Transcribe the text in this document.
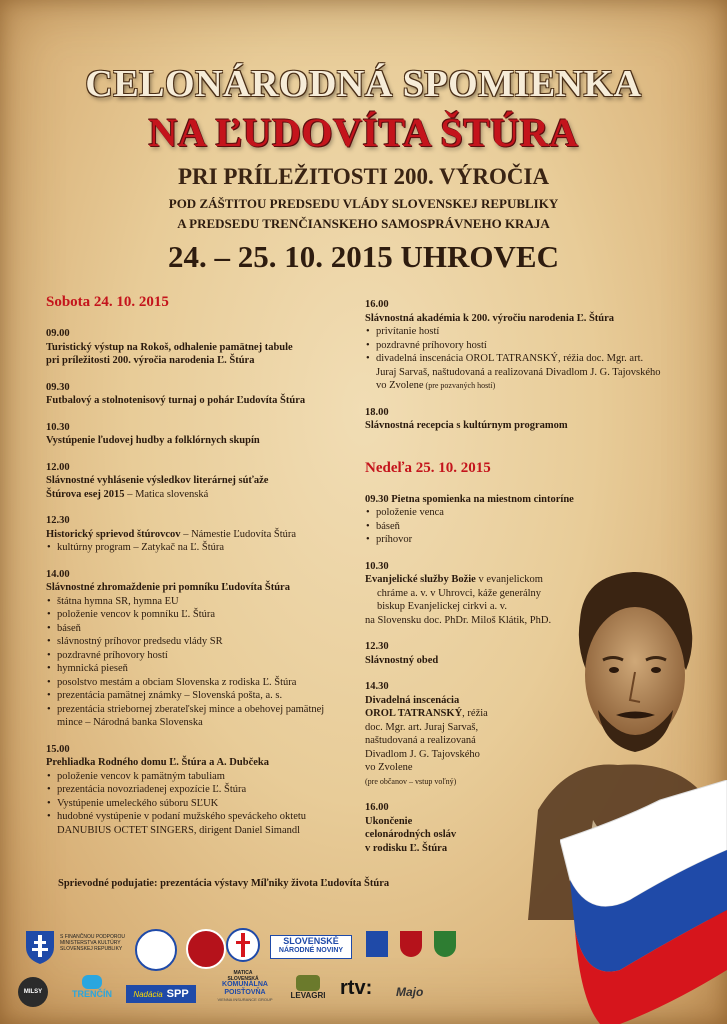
CELONÁRODNÁ SPOMIENKA
NA ĽUDOVÍTA ŠTÚRA
PRI PRÍLEŽITOSTI 200. VÝROČIA
POD ZÁŠTITOU PREDSEDU VLÁDY SLOVENSKEJ REPUBLIKY
A PREDSEDU TRENČIANSKEHO SAMOSPRÁVNEHO KRAJA
24. – 25. 10. 2015 UHROVEC
Sobota 24. 10. 2015
09.00
Turistický výstup na Rokoš, odhalenie pamätnej tabule
pri príležitosti 200. výročia narodenia Ľ. Štúra
09.30
Futbalový a stolnotenisový turnaj o pohár Ľudovíta Štúra
10.30
Vystúpenie ľudovej hudby a folklórnych skupín
12.00
Slávnostné vyhlásenie výsledkov literárnej súťaže
Štúrova esej 2015 – Matica slovenská
12.30
Historický sprievod štúrovcov – Námestie Ľudovíta Štúra
• kultúrny program – Zatykač na Ľ. Štúra
14.00
Slávnostné zhromaždenie pri pomníku Ľudovíta Štúra
• štátna hymna SR, hymna EU
• položenie vencov k pomníku Ľ. Štúra
• báseň
• slávnostný príhovor predsedu vlády SR
• pozdravné príhovory hostí
• hymnická pieseň
• posolstvo mestám a obciam Slovenska z rodiska Ľ. Štúra
• prezentácia pamätnej známky – Slovenská pošta, a. s.
• prezentácia striebornej zberateľskej mince a obehovej pamätnej mince – Národná banka Slovenska
15.00
Prehliadka Rodného domu Ľ. Štúra a A. Dubčeka
• položenie vencov k pamätným tabuliam
• prezentácia novozriadenej expozície Ľ. Štúra
• Vystúpenie umeleckého súboru SĽUK
• hudobné vystúpenie v podaní mužského speváckeho oktetu DANUBIUS OCTET SINGERS, dirigent Daniel Simandl
16.00
Slávnostná akadémia k 200. výročiu narodenia Ľ. Štúra
• privítanie hostí
• pozdravné príhovory hostí
• divadelná inscenácia OROL TATRANSKÝ, réžia doc. Mgr. art. Juraj Sarvaš, naštudovaná a realizovaná Divadlom J. G. Tajovského vo Zvolene (pre pozvaných hostí)
18.00
Slávnostná recepcia s kultúrnym programom
Nedeľa 25. 10. 2015
09.30 Pietna spomienka na miestnom cintoríne
• položenie venca
• báseň
• príhovor
10.30
Evanjelické služby Božie v evanjelickom
chráme a. v. v Uhrovci, káže generálny
biskup Evanjelickej cirkvi a. v.
na Slovensku doc. PhDr. Miloš Klátik, PhD.
12.30
Slávnostný obed
14.30
Divadelná inscenácia
OROL TATRANSKÝ, réžia
doc. Mgr. art. Juraj Sarvaš,
naštudovaná a realizovaná
Divadlom J. G. Tajovského
vo Zvolene
(pre občanov – vstup voľný)
16.00
Ukončenie
celonárodných osláv
v rodisku Ľ. Štúra
Sprievodné podujatie: prezentácia výstavy Míľniky života Ľudovíta Štúra
S FINANČNOU PODPOROU
MINISTERSTVA KULTÚRY
SLOVENSKEJ REPUBLIKY
MATICA SLOVENSKÁ
SLOVENSKÉ
NÁRODNÉ NOVINY
MILSY	TRENČÍN	Nadácia SPP
KOMUNÁLNA
POISŤOVŇA
VIENNA INSURANCE GROUP	LEVAGRI rtv: Majo
